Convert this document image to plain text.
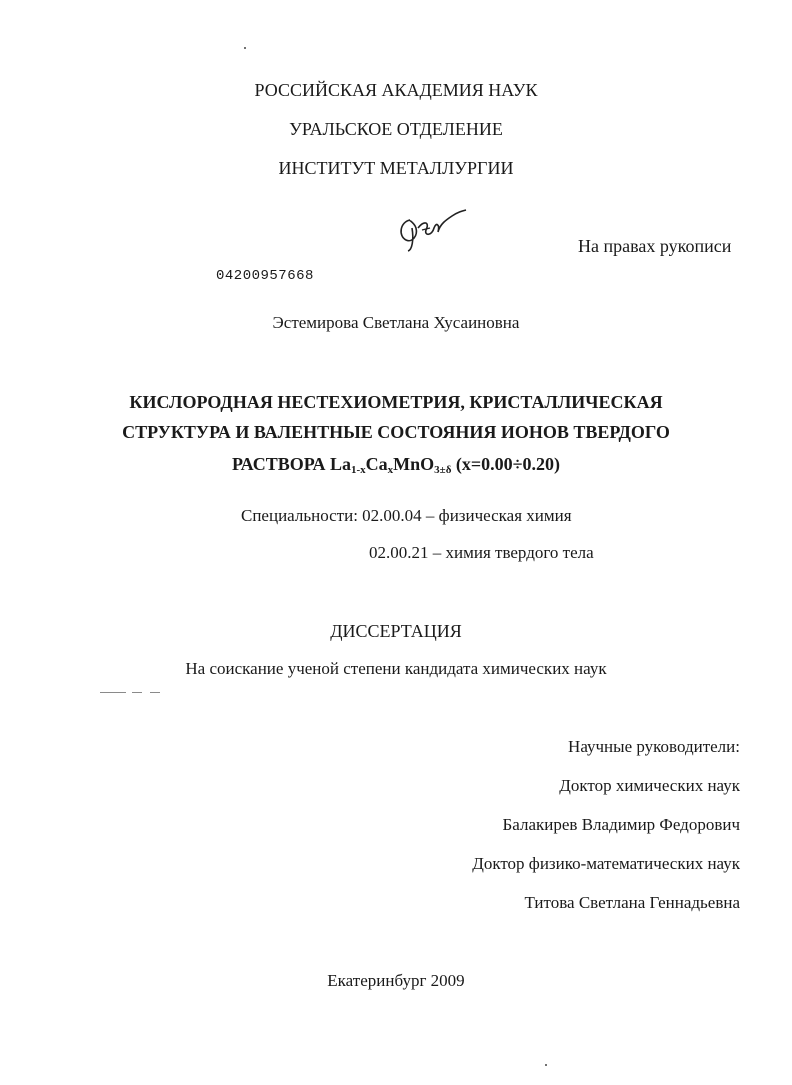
РОССИЙСКАЯ АКАДЕМИЯ НАУК
УРАЛЬСКОЕ ОТДЕЛЕНИЕ
ИНСТИТУТ МЕТАЛЛУРГИИ
На правах рукописи
04200957668
Эстемирова Светлана Хусаиновна
КИСЛОРОДНАЯ НЕСТЕХИОМЕТРИЯ, КРИСТАЛЛИЧЕСКАЯ
СТРУКТУРА И ВАЛЕНТНЫЕ СОСТОЯНИЯ ИОНОВ ТВЕРДОГО
РАСТВОРА $La_{1-x}Ca_xMnO_{3\pm\delta}$ (x=0.00÷0.20)
Специальности: 02.00.04 – физическая химия
02.00.21 – химия твердого тела
ДИССЕРТАЦИЯ
На соискание ученой степени кандидата химических наук
Научные руководители:
Доктор химических наук
Балакирев Владимир Федорович
Доктор физико-математических наук
Титова Светлана Геннадьевна
Екатеринбург 2009
